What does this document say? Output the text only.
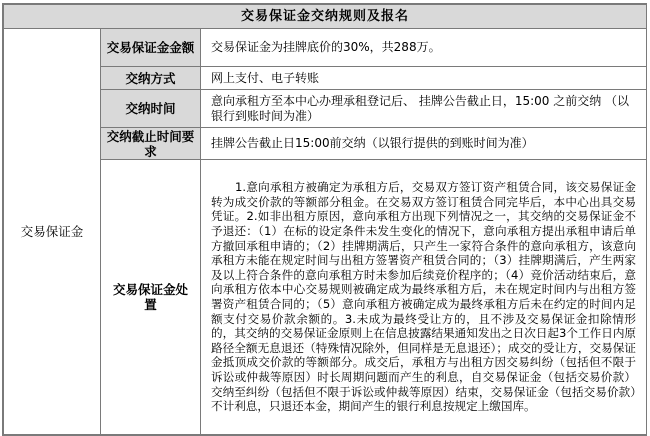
交易保证金交纳规则及报名		
交易保证金	交易保证金金额	交易保证金为挂牌底价的30%，共288万。
	交纳方式	网上支付、电子转账
	交纳时间	意向承租方至本中心办理承租登记后、 挂牌公告截止日，15:00 之前交纳 （以银行到账时间为准）
	交纳截止时间要求	挂牌公告截止日15:00前交纳（以银行提供的到账时间为准）
	交易保证金处置	1.意向承租方被确定为承租方后，交易双方签订资产租赁合同，该交易保证金转为成交价款的等额部分租金。在交易双方签订租赁合同完毕后，本中心出具交易凭证。2.如非出租方原因，意向承租方出现下列情况之一，其交纳的交易保证金不予退还：（1）在标的设定条件未发生变化的情况下，意向承租方提出承租申请后单方撤回承租申请的；（2）挂牌期满后，只产生一家符合条件的意向承租方，该意向承租方未能在规定时间与出租方签署资产租赁合同的；（3）挂牌期满后，产生两家及以上符合条件的意向承租方时未参加后续竞价程序的；（4）竞价活动结束后，意向承租方依本中心交易规则被确定成为最终承租方后，未在规定时间内与出租方签署资产租赁合同的；（5）意向承租方被确定成为最终承租方后未在约定的时间内足额支付交易价款余额的。3.未成为最终受让方的，且不涉及交易保证金扣除情形的，其交纳的交易保证金原则上在信息披露结果通知发出之日次日起3个工作日内原路径全额无息退还（特殊情况除外，但同样是无息退还）；成交的受让方，交易保证金抵顶成交价款的等额部分。成交后，承租方与出租方因交易纠纷（包括但不限于诉讼或仲裁等原因）时长周期问题而产生的利息，自交易保证金（包括交易价款）交纳至纠纷（包括但不限于诉讼或仲裁等原因）结束，交易保证金（包括交易价款）不计利息，只退还本金，期间产生的银行利息按规定上缴国库。
